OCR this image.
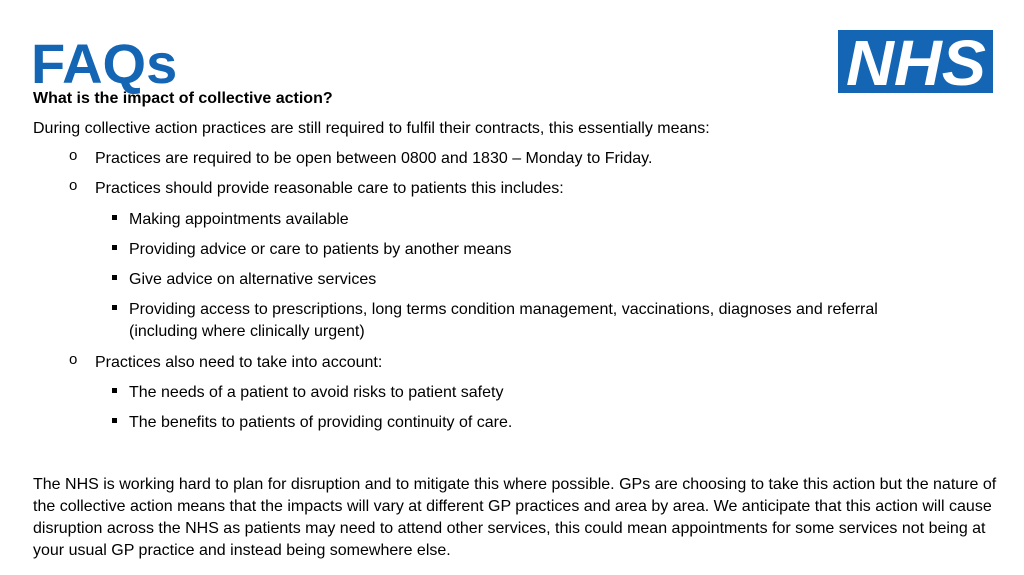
FAQs	NHS

What is the impact of collective action?

During collective action practices are still required to fulfil their contracts, this essentially means:

o Practices are required to be open between 0800 and 1830 – Monday to Friday.
o Practices should provide reasonable care to patients this includes:
Making appointments available
Providing advice or care to patients by another means
Give advice on alternative services
Providing access to prescriptions, long terms condition management, vaccinations, diagnoses and referral (including where clinically urgent)
o Practices also need to take into account:
The needs of a patient to avoid risks to patient safety
The benefits to patients of providing continuity of care.

The NHS is working hard to plan for disruption and to mitigate this where possible. GPs are choosing to take this action but the nature of the collective action means that the impacts will vary at different GP practices and area by area. We anticipate that this action will cause disruption across the NHS as patients may need to attend other services, this could mean appointments for some services not being at your usual GP practice and instead being somewhere else.
